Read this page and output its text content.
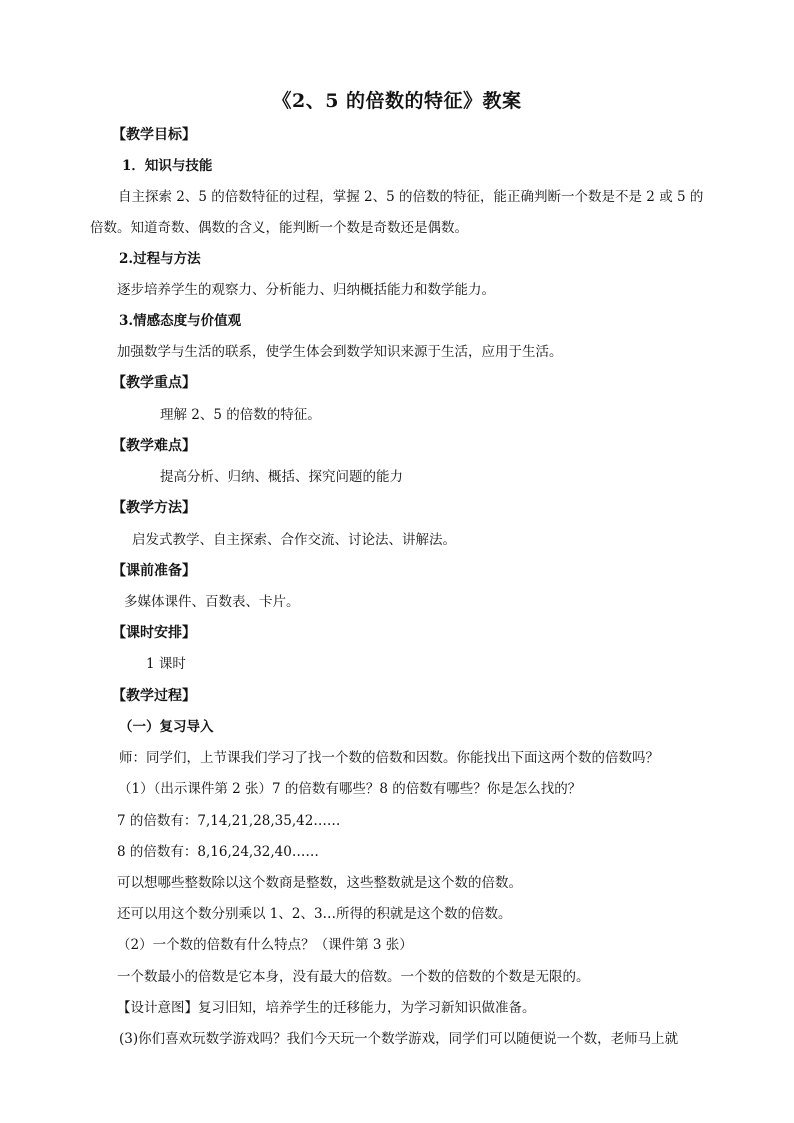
《2、5 的倍数的特征》教案
【教学目标】
1．知识与技能
自主探索 2、5 的倍数特征的过程，掌握 2、5 的倍数的特征，能正确判断一个数是不是 2 或 5 的
倍数。知道奇数、偶数的含义，能判断一个数是奇数还是偶数。
2.过程与方法
逐步培养学生的观察力、分析能力、归纳概括能力和数学能力。
3.情感态度与价值观
加强数学与生活的联系，使学生体会到数学知识来源于生活，应用于生活。
【教学重点】
理解 2、5 的倍数的特征。
【教学难点】
提高分析、归纳、概括、探究问题的能力
【教学方法】
启发式教学、自主探索、合作交流、讨论法、讲解法。
【课前准备】
多媒体课件、百数表、卡片。
【课时安排】
1 课时
【教学过程】
（一）复习导入
师：同学们，上节课我们学习了找一个数的倍数和因数。你能找出下面这两个数的倍数吗？
（1）（出示课件第 2 张）7 的倍数有哪些？8 的倍数有哪些？你是怎么找的？
7 的倍数有：7,14,21,28,35,42……
8 的倍数有：8,16,24,32,40……
可以想哪些整数除以这个数商是整数，这些整数就是这个数的倍数。
还可以用这个数分别乘以 1、2、3…所得的积就是这个数的倍数。
（2）一个数的倍数有什么特点？（课件第 3 张）
一个数最小的倍数是它本身，没有最大的倍数。一个数的倍数的个数是无限的。
【设计意图】复习旧知，培养学生的迁移能力，为学习新知识做准备。
(3)你们喜欢玩数学游戏吗？我们今天玩一个数学游戏，同学们可以随便说一个数，老师马上就
